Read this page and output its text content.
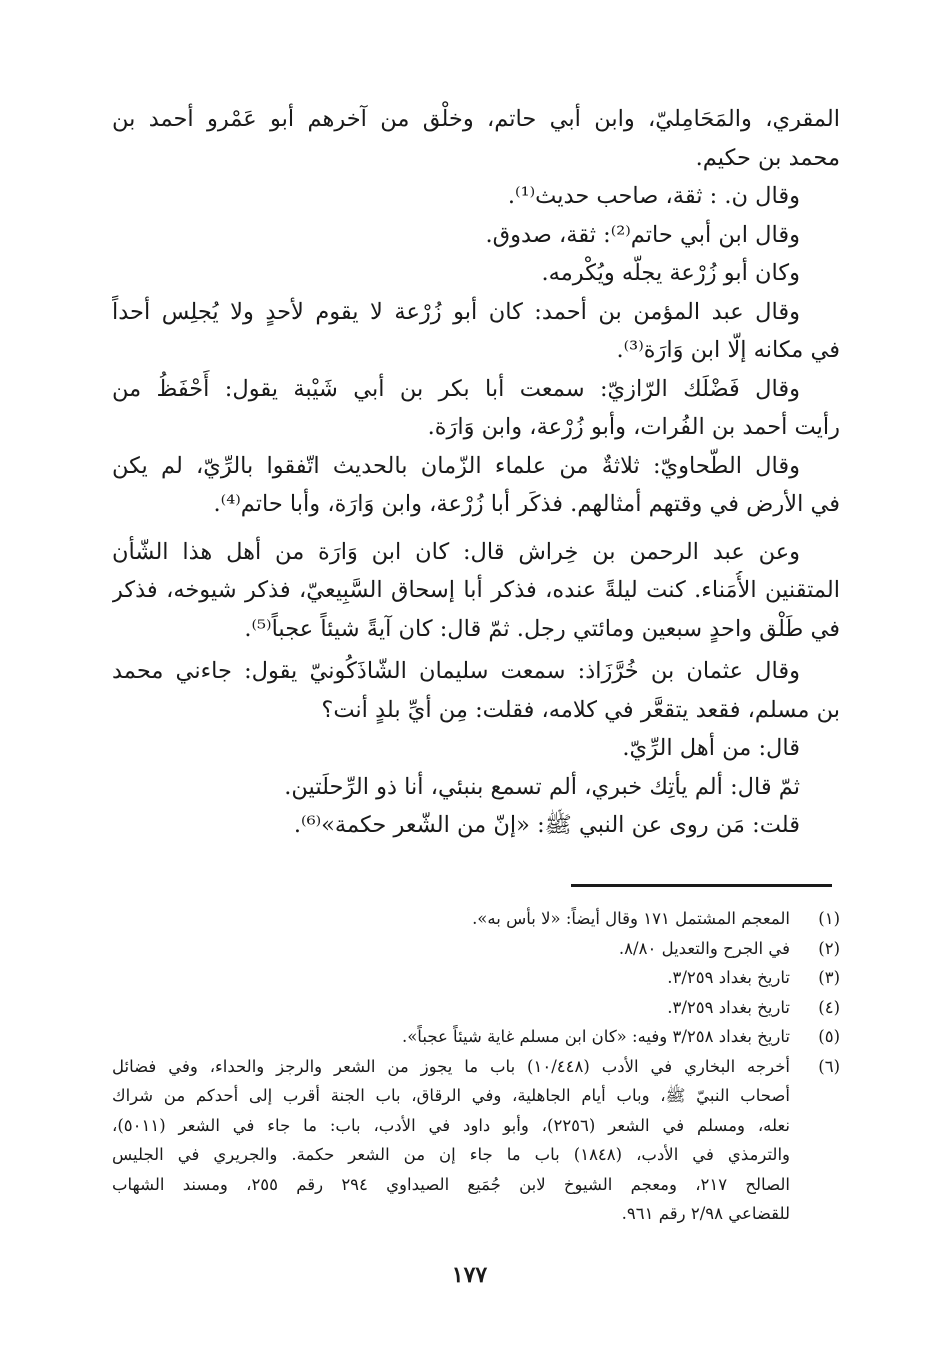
المقري، والمَحَامِليّ، وابن أبي حاتم، وخلْق من آخرهم أبو عَمْرو أحمد بن
محمد بن حكيم.
وقال ن. : ثقة، صاحب حديث⁽¹⁾.
وقال ابن أبي حاتم⁽²⁾: ثقة، صدوق.
وكان أبو زُرْعة يجلّه ويُكْرمه.
وقال عبد المؤمن بن أحمد: كان أبو زُرْعة لا يقوم لأحدٍ ولا يُجلِس أحداً
في مكانه إلّا ابن وَارَة⁽³⁾.
وقال فَضْلَك الرّازيّ: سمعت أبا بكر بن أبي شَيْبة يقول: أَحْفَظُ من
رأيت أحمد بن الفُرات، وأبو زُرْعة، وابن وَارَة.
وقال الطّحاويّ: ثلاثةٌ من علماء الزّمان بالحديث اتّفقوا بالرِّيّ، لم يكن
في الأرض في وقتهم أمثالهم. فذكَر أبا زُرْعة، وابن وَارَة، وأبا حاتم⁽⁴⁾.
وعن عبد الرحمن بن خِراش قال: كان ابن وَارَة من أهل هذا الشّأن
المتقنين الأُمَناء. كنت ليلةً عنده، فذكر أبا إسحاق السَّبِيعيّ، فذكر شيوخه، فذكر
في طَلْق واحدٍ سبعين ومائتي رجل. ثمّ قال: كان آيةً شيئاً عجباً⁽⁵⁾.
وقال عثمان بن خُرَّزَاذ: سمعت سليمان الشّاذَكُونيّ يقول: جاءني محمد
بن مسلم، فقعد يتقعَّر في كلامه، فقلت: مِن أيِّ بلدٍ أنت؟
قال: من أهل الرِّيّ.
ثمّ قال: ألم يأتِك خبري، ألم تسمع بنبئي، أنا ذو الرِّحلَتين.
قلت: مَن روى عن النبي ﷺ: «إنّ من الشّعر حكمة»⁽⁶⁾.
(١)
المعجم المشتمل ١٧١ وقال أيضاً: «لا بأس به».
(٢)
في الجرح والتعديل ٨/٨٠.
(٣)
تاريخ بغداد ٣/٢٥٩.
(٤)
تاريخ بغداد ٣/٢٥٩.
(٥)
تاريخ بغداد ٣/٢٥٨ وفيه: «كان ابن مسلم غاية شيئاً عجباً».
(٦)
أخرجه البخاري في الأدب (١٠/٤٤٨) باب ما يجوز من الشعر والرجز والحداء، وفي فضائل
أصحاب النبيّ ﷺ، وباب أيام الجاهلية، وفي الرقاق، باب الجنة أقرب إلى أحدكم من شراك
نعله، ومسلم في الشعر (٢٢٥٦)، وأبو داود في الأدب، باب: ما جاء في الشعر (٥٠١١)،
والترمذي في الأدب، (١٨٤٨) باب ما جاء إن من الشعر حكمة. والجريري في الجليس
الصالح ٢١٧، ومعجم الشيوخ لابن جُمَيع الصيداوي ٢٩٤ رقم ٢٥٥، ومسند الشهاب
للقضاعي ٢/٩٨ رقم ٩٦١.
١٧٧
